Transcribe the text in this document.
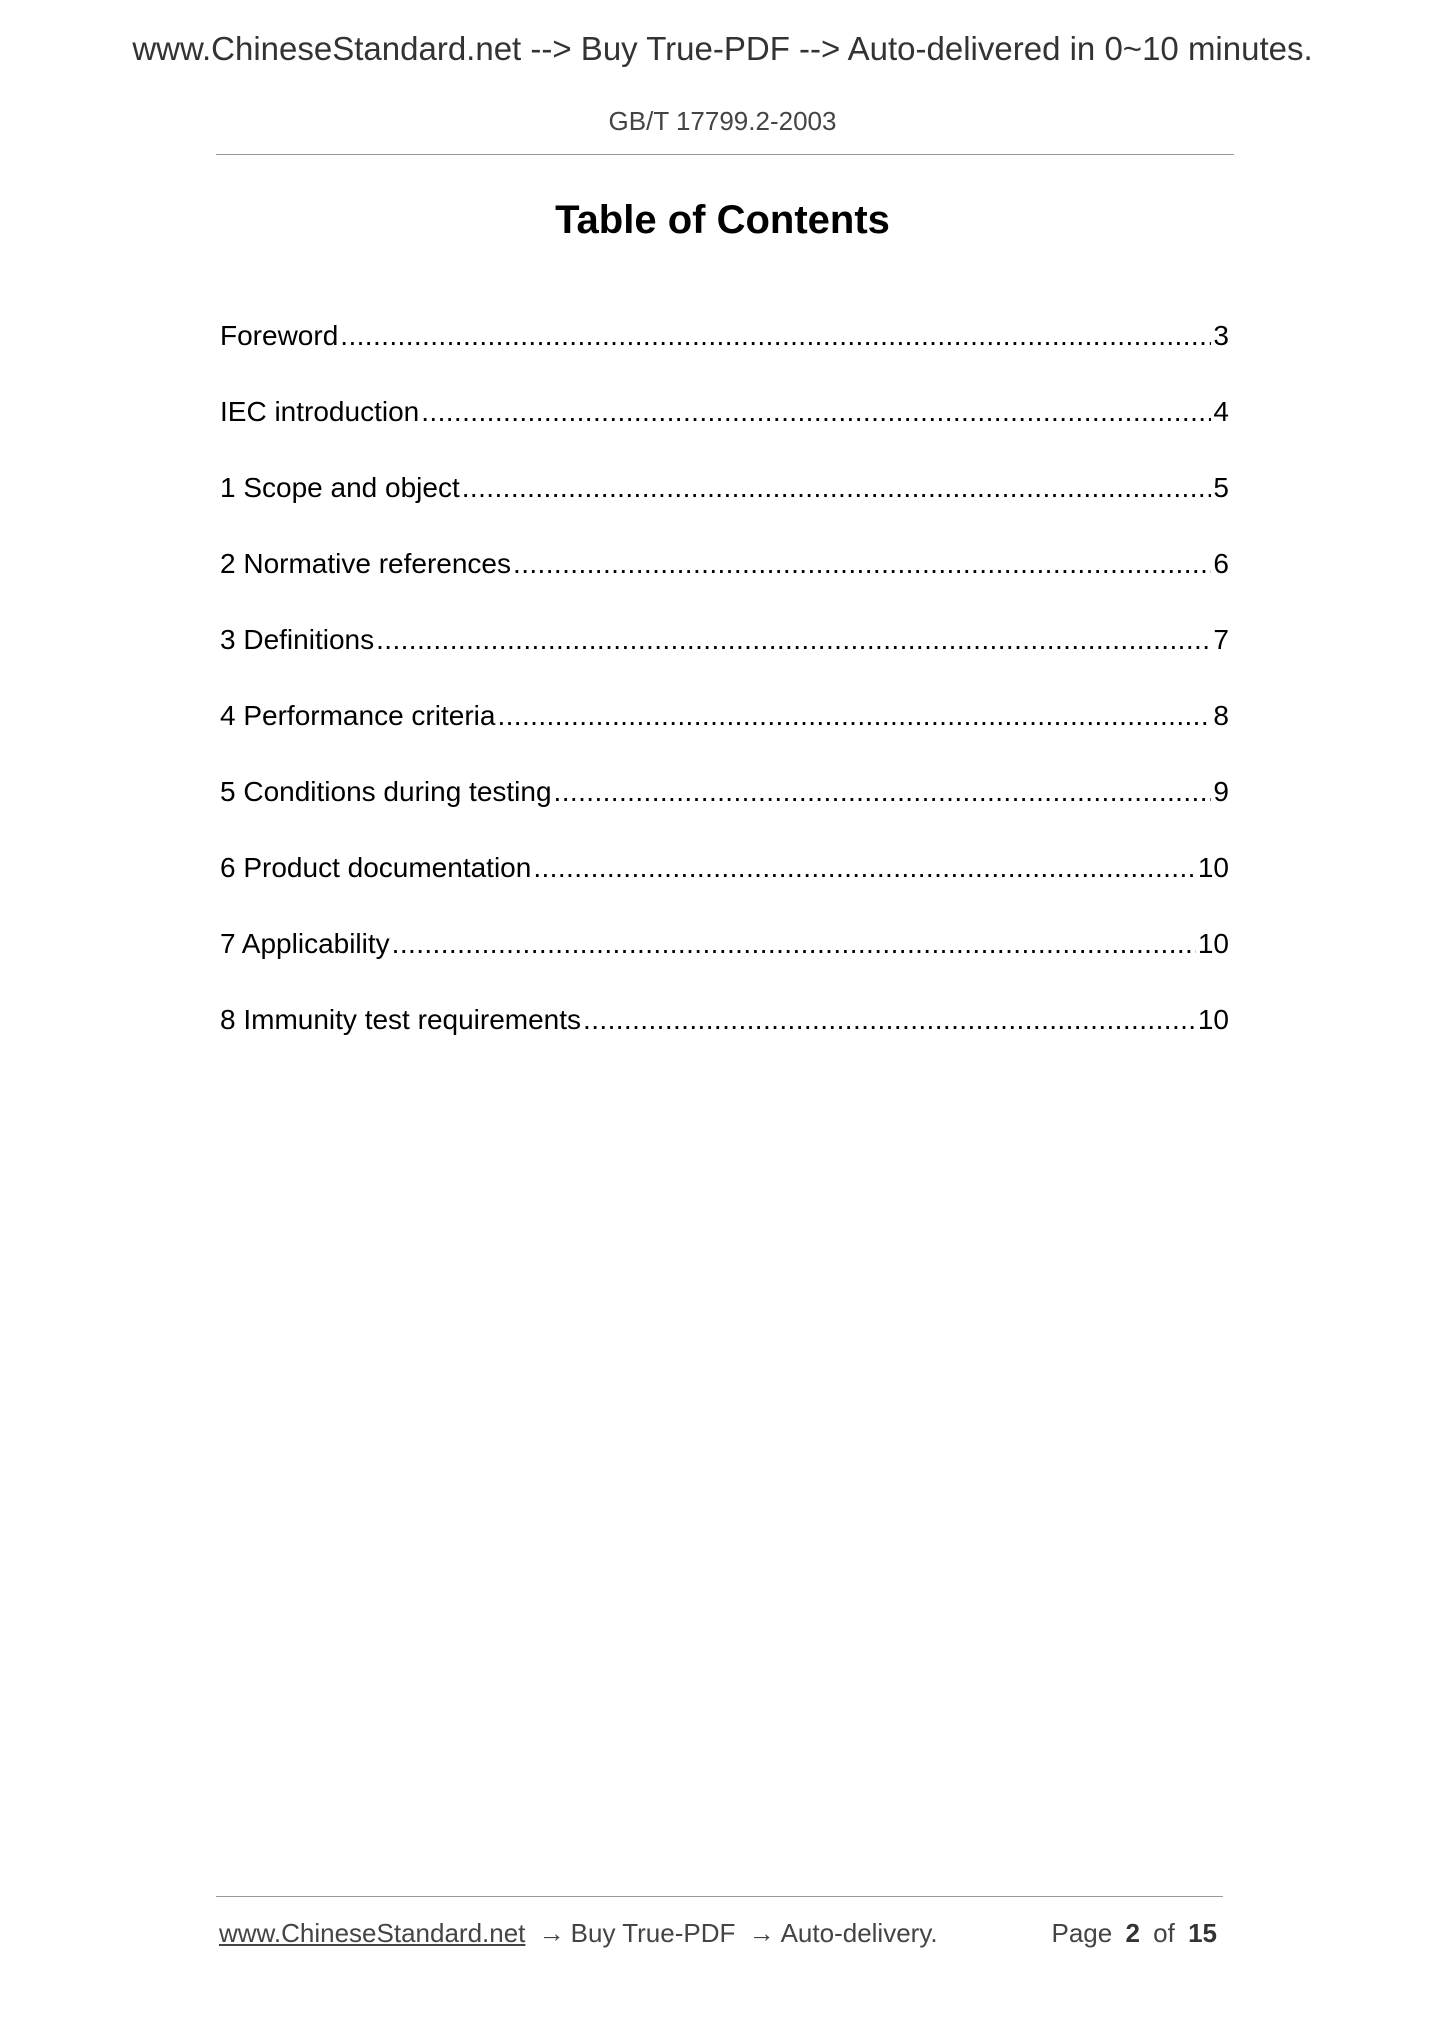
www.ChineseStandard.net --> Buy True-PDF --> Auto-delivered in 0~10 minutes.
GB/T 17799.2-2003
Table of Contents
Foreword .....	3
IEC introduction .....	4
1 Scope and object .....	5
2 Normative references .....	6
3 Definitions .....	7
4 Performance criteria .....	8
5 Conditions during testing .....	9
6 Product documentation .....	10
7 Applicability .....	10
8 Immunity test requirements .....	10
www.ChineseStandard.net → Buy True-PDF → Auto-delivery.	Page 2 of 15
